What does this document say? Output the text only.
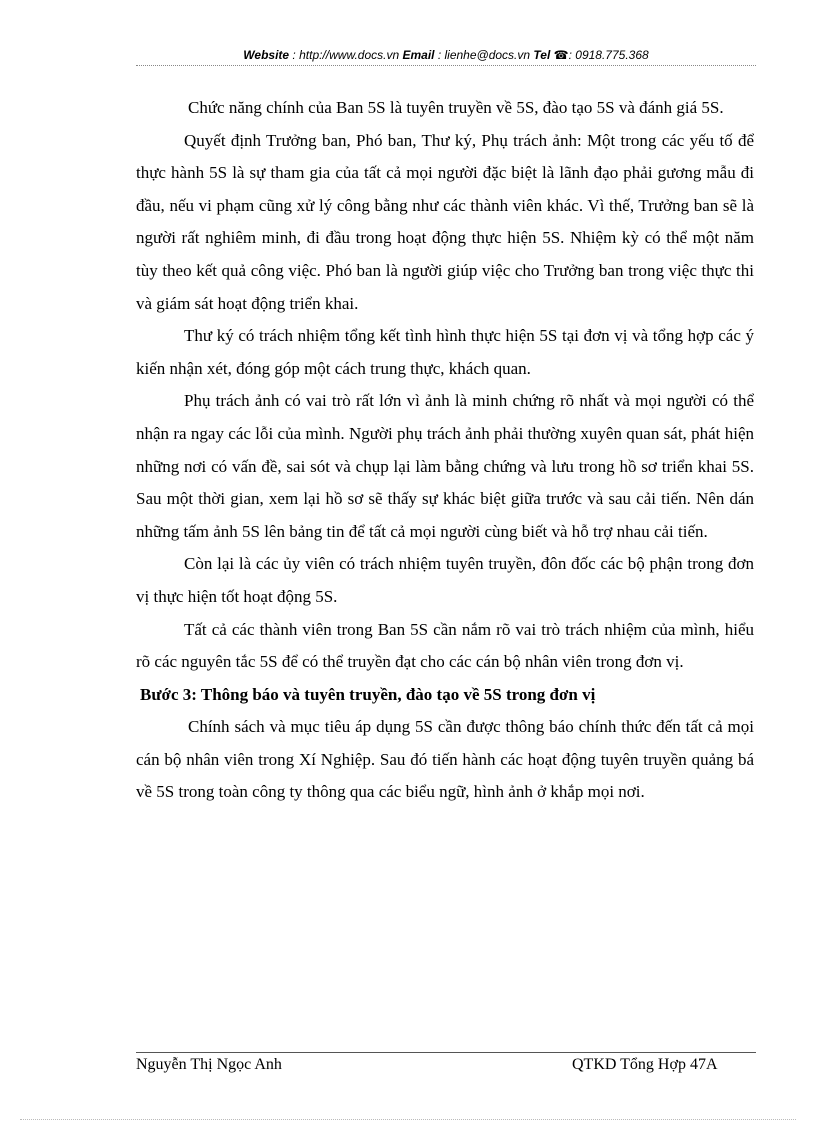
Website : http://www.docs.vn Email : lienhe@docs.vn Tel ☎: 0918.775.368

Chức năng chính của Ban 5S là tuyên truyền về 5S, đào tạo 5S và đánh giá 5S.

Quyết định Trưởng ban, Phó ban, Thư ký, Phụ trách ảnh: Một trong các yếu tố để thực hành 5S là sự tham gia của tất cả mọi người đặc biệt là lãnh đạo phải gương mẫu đi đầu, nếu vi phạm cũng xử lý công bằng như các thành viên khác. Vì thế, Trưởng ban sẽ là người rất nghiêm minh, đi đầu trong hoạt động thực hiện 5S. Nhiệm kỳ có thể một năm tùy theo kết quả công việc. Phó ban là người giúp việc cho Trưởng ban trong việc thực thi và giám sát hoạt động triển khai.

Thư ký có trách nhiệm tổng kết tình hình thực hiện 5S tại đơn vị và tổng hợp các ý kiến nhận xét, đóng góp một cách trung thực, khách quan.

Phụ trách ảnh có vai trò rất lớn vì ảnh là minh chứng rõ nhất và mọi người có thể nhận ra ngay các lỗi của mình. Người phụ trách ảnh phải thường xuyên quan sát, phát hiện những nơi có vấn đề, sai sót và chụp lại làm bằng chứng và lưu trong hồ sơ triển khai 5S. Sau một thời gian, xem lại hồ sơ sẽ thấy sự khác biệt giữa trước và sau cải tiến. Nên dán những tấm ảnh 5S lên bảng tin để tất cả mọi người cùng biết và hỗ trợ nhau cải tiến.

Còn lại là các ủy viên có trách nhiệm tuyên truyền, đôn đốc các bộ phận trong đơn vị thực hiện tốt hoạt động 5S.

Tất cả các thành viên trong Ban 5S cần nắm rõ vai trò trách nhiệm của mình, hiểu rõ các nguyên tắc 5S để có thể truyền đạt cho các cán bộ nhân viên trong đơn vị.

Bước 3: Thông báo và tuyên truyền, đào tạo về 5S trong đơn vị

Chính sách và mục tiêu áp dụng 5S cần được thông báo chính thức đến tất cả mọi cán bộ nhân viên trong Xí Nghiệp. Sau đó tiến hành các hoạt động tuyên truyền quảng bá về 5S trong toàn công ty thông qua các biểu ngữ, hình ảnh ở khắp mọi nơi.

Nguyễn Thị Ngọc Anh	QTKD Tổng Hợp 47A
